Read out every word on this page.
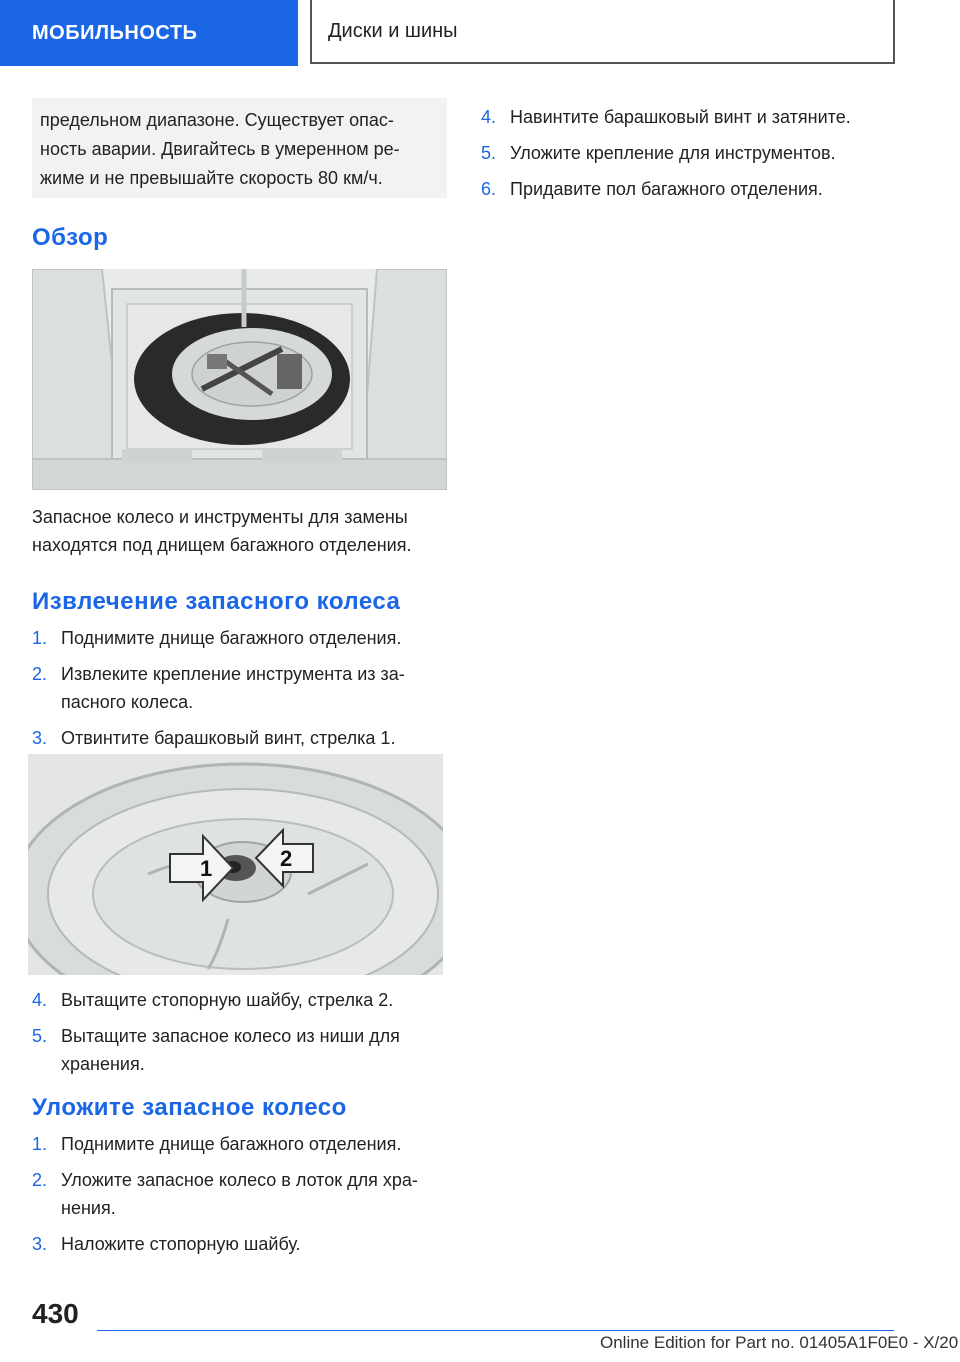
МОБИЛЬНОСТЬ	Диски и шины

предельном диапазоне. Существует опас-

ность аварии. Двигайтесь в умеренном ре-

жиме и не превышайте скорость 80 км/ч.

Обзор

Запасное колесо и инструменты для замены

находятся под днищем багажного отделения.

Извлечение запасного колеса
1. Поднимите днище багажного отделения.
2. Извлеките крепление инструмента из за-
пасного колеса.
3. Отвинтите барашковый винт, стрелка 1.
1	2
4. Вытащите стопорную шайбу, стрелка 2.
5. Вытащите запасное колесо из ниши для
хранения.
Уложите запасное колесо
1. Поднимите днище багажного отделения.
2. Уложите запасное колесо в лоток для хра-
нения.
3. Наложите стопорную шайбу.
4. Навинтите барашковый винт и затяните.
5. Уложите крепление для инструментов.
6. Придавите пол багажного отделения.
430
Online Edition for Part no. 01405A1F0E0 - X/20
